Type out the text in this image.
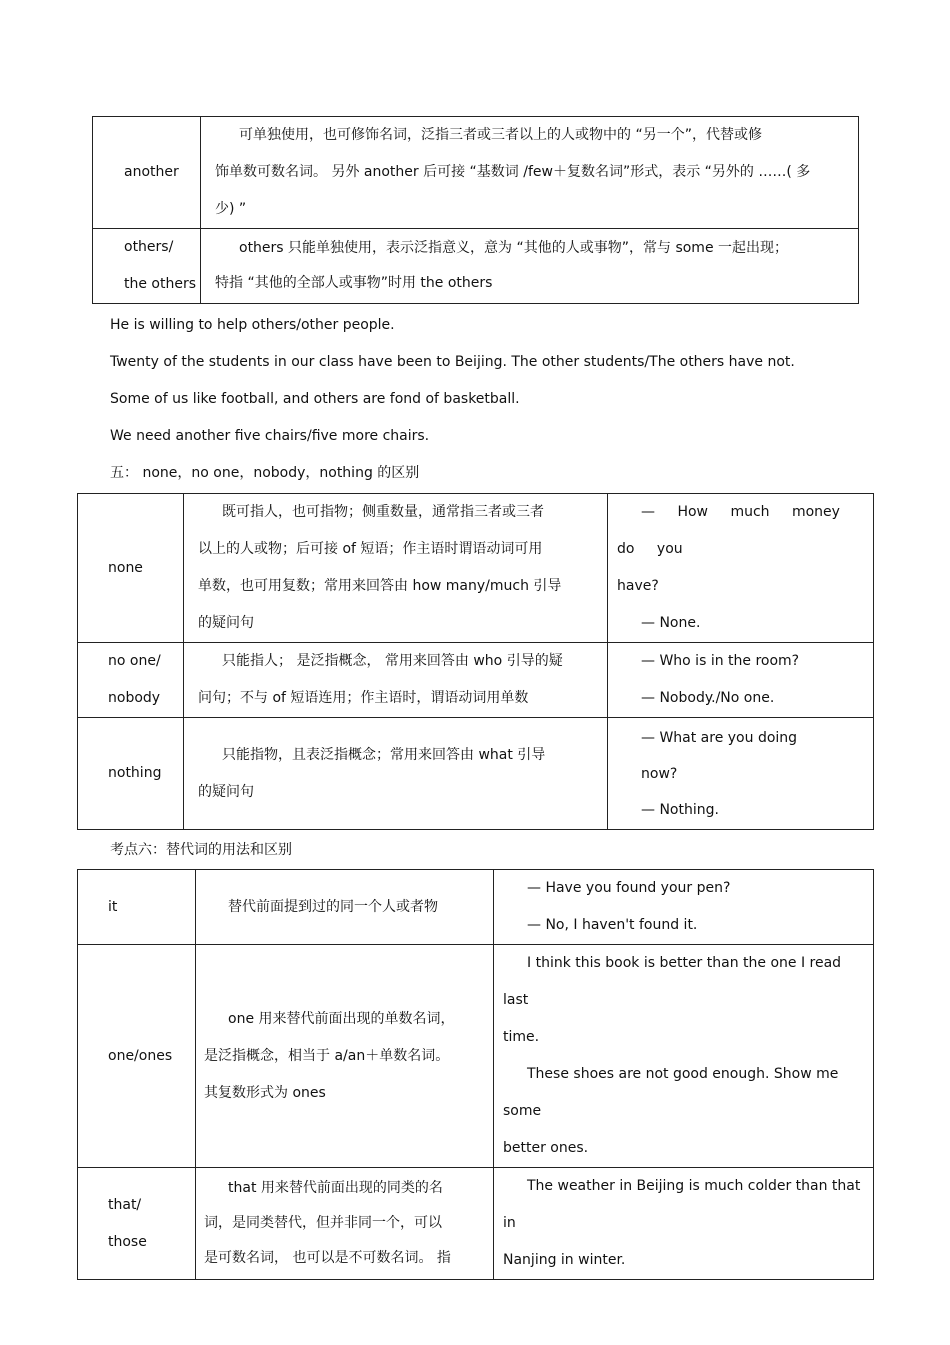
another	可单独使用，也可修饰名词，泛指三者或三者以上的人或物中的 “另一个”，代替或修
饰单数可数名词。 另外 another 后可接 “基数词 /few＋复数名词”形式，表示 “另外的 ……( 多
少) ”

others/
the others	others 只能单独使用，表示泛指意义，意为 “其他的人或事物”，常与 some 一起出现；
特指 “其他的全部人或事物”时用 the others

He is willing to help others/other people.

Twenty of the students in our class have been to Beijing. The other students/The others have not.

Some of us like football, and others are fond of basketball.

We need another five chairs/five more chairs.

五： none，no one，nobody，nothing 的区别

none	既可指人，也可指物；侧重数量，通常指三者或三者
以上的人或物；后可接 of 短语；作主语时谓语动词可用
单数，也可用复数；常用来回答由 how many/much 引导
的疑问句	— How much money do you
have?
— None.

no one/
nobody	只能指人； 是泛指概念， 常用来回答由 who 引导的疑
问句；不与 of 短语连用；作主语时，谓语动词用单数	— Who is in the room?
— Nobody./No one.

nothing	只能指物，且表泛指概念；常用来回答由 what 引导
的疑问句	— What are you doing
now?
— Nothing.

考点六：替代词的用法和区别

it	替代前面提到过的同一个人或者物	— Have you found your pen?
— No, I haven't found it.

one/ones	one 用来替代前面出现的单数名词，
是泛指概念，相当于 a/an＋单数名词。
其复数形式为 ones	I think this book is better than the one I read last
time.
These shoes are not good enough. Show me some
better ones.

that/
those	that 用来替代前面出现的同类的名
词，是同类替代，但并非同一个，可以
是可数名词， 也可以是不可数名词。 指	The weather in Beijing is much colder than that in
Nanjing in winter.
